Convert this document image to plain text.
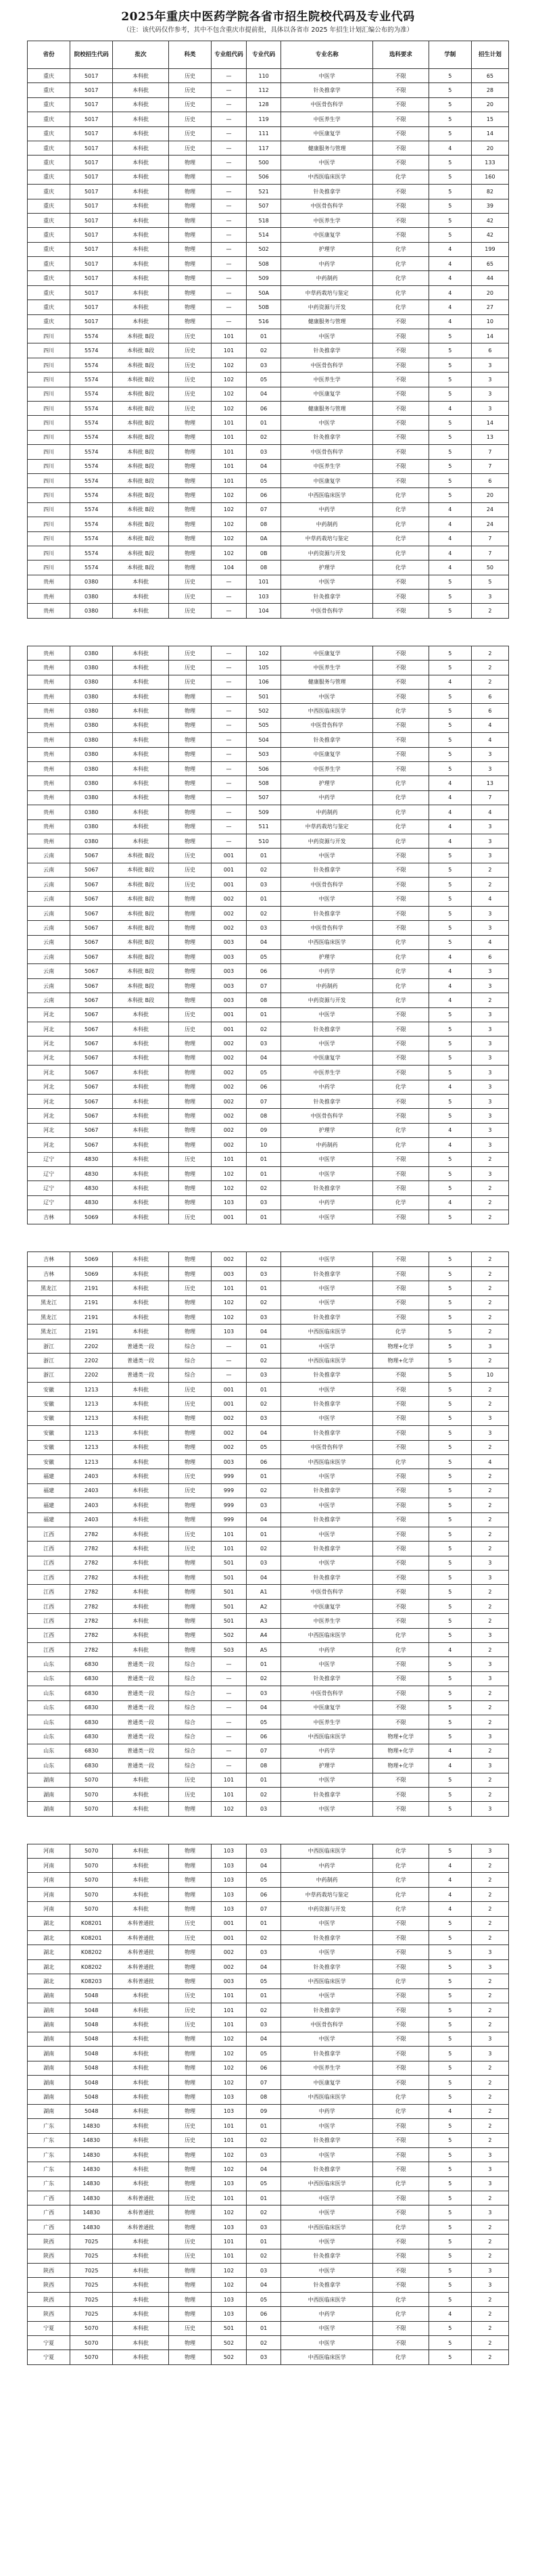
2025年重庆中医药学院各省市招生院校代码及专业代码
（注：该代码仅作参考，其中不包含重庆市提前批，具体以各省市 2025 年招生计划汇编公布的为准）
省份	院校招生代码	批次	科类	专业组代码	专业代码	专业名称	选科要求	学制	招生计划
重庆	5017	本科批	历史	—	110	中医学	不限	5	65
重庆	5017	本科批	历史	—	112	针灸推拿学	不限	5	28
重庆	5017	本科批	历史	—	128	中医骨伤科学	不限	5	20
重庆	5017	本科批	历史	—	119	中医养生学	不限	5	15
重庆	5017	本科批	历史	—	111	中医康复学	不限	5	14
重庆	5017	本科批	历史	—	117	健康服务与管理	不限	4	20
重庆	5017	本科批	物理	—	500	中医学	不限	5	133
重庆	5017	本科批	物理	—	506	中西医临床医学	化学	5	160
重庆	5017	本科批	物理	—	521	针灸推拿学	不限	5	82
重庆	5017	本科批	物理	—	507	中医骨伤科学	不限	5	39
重庆	5017	本科批	物理	—	518	中医养生学	不限	5	42
重庆	5017	本科批	物理	—	514	中医康复学	不限	5	42
重庆	5017	本科批	物理	—	502	护理学	化学	4	199
重庆	5017	本科批	物理	—	508	中药学	化学	4	65
重庆	5017	本科批	物理	—	509	中药制药	化学	4	44
重庆	5017	本科批	物理	—	50A	中草药栽培与鉴定	化学	4	20
重庆	5017	本科批	物理	—	50B	中药资源与开发	化学	4	27
重庆	5017	本科批	物理	—	516	健康服务与管理	不限	4	10
四川	5574	本科批 B段	历史	101	01	中医学	不限	5	14
四川	5574	本科批 B段	历史	101	02	针灸推拿学	不限	5	6
四川	5574	本科批 B段	历史	102	03	中医骨伤科学	不限	5	3
四川	5574	本科批 B段	历史	102	05	中医养生学	不限	5	3
四川	5574	本科批 B段	历史	102	04	中医康复学	不限	5	3
四川	5574	本科批 B段	历史	102	06	健康服务与管理	不限	4	3
四川	5574	本科批 B段	物理	101	01	中医学	不限	5	14
四川	5574	本科批 B段	物理	101	02	针灸推拿学	不限	5	13
四川	5574	本科批 B段	物理	101	03	中医骨伤科学	不限	5	7
四川	5574	本科批 B段	物理	101	04	中医养生学	不限	5	7
四川	5574	本科批 B段	物理	101	05	中医康复学	不限	5	6
四川	5574	本科批 B段	物理	102	06	中西医临床医学	化学	5	20
四川	5574	本科批 B段	物理	102	07	中药学	化学	4	24
四川	5574	本科批 B段	物理	102	08	中药制药	化学	4	24
四川	5574	本科批 B段	物理	102	0A	中草药栽培与鉴定	化学	4	7
四川	5574	本科批 B段	物理	102	0B	中药资源与开发	化学	4	7
四川	5574	本科批 B段	物理	104	08	护理学	化学	4	50
贵州	0380	本科批	历史	—	101	中医学	不限	5	5
贵州	0380	本科批	历史	—	103	针灸推拿学	不限	5	3
贵州	0380	本科批	历史	—	104	中医骨伤科学	不限	5	2
贵州	0380	本科批	历史	—	102	中医康复学	不限	5	2
贵州	0380	本科批	历史	—	105	中医养生学	不限	5	2
贵州	0380	本科批	历史	—	106	健康服务与管理	不限	4	2
贵州	0380	本科批	物理	—	501	中医学	不限	5	6
贵州	0380	本科批	物理	—	502	中西医临床医学	化学	5	6
贵州	0380	本科批	物理	—	505	中医骨伤科学	不限	5	4
贵州	0380	本科批	物理	—	504	针灸推拿学	不限	5	4
贵州	0380	本科批	物理	—	503	中医康复学	不限	5	3
贵州	0380	本科批	物理	—	506	中医养生学	不限	5	3
贵州	0380	本科批	物理	—	508	护理学	化学	4	13
贵州	0380	本科批	物理	—	507	中药学	化学	4	7
贵州	0380	本科批	物理	—	509	中药制药	化学	4	4
贵州	0380	本科批	物理	—	511	中草药栽培与鉴定	化学	4	3
贵州	0380	本科批	物理	—	510	中药资源与开发	化学	4	3
云南	5067	本科批 B段	历史	001	01	中医学	不限	5	3
云南	5067	本科批 B段	历史	001	02	针灸推拿学	不限	5	2
云南	5067	本科批 B段	历史	001	03	中医骨伤科学	不限	5	2
云南	5067	本科批 B段	物理	002	01	中医学	不限	5	4
云南	5067	本科批 B段	物理	002	02	针灸推拿学	不限	5	3
云南	5067	本科批 B段	物理	002	03	中医骨伤科学	不限	5	3
云南	5067	本科批 B段	物理	003	04	中西医临床医学	化学	5	4
云南	5067	本科批 B段	物理	003	05	护理学	化学	4	6
云南	5067	本科批 B段	物理	003	06	中药学	化学	4	3
云南	5067	本科批 B段	物理	003	07	中药制药	化学	4	3
云南	5067	本科批 B段	物理	003	08	中药资源与开发	化学	4	2
河北	5067	本科批	历史	001	01	中医学	不限	5	3
河北	5067	本科批	历史	001	02	针灸推拿学	不限	5	3
河北	5067	本科批	物理	002	03	中医学	不限	5	3
河北	5067	本科批	物理	002	04	中医康复学	不限	5	3
河北	5067	本科批	物理	002	05	中医养生学	不限	5	3
河北	5067	本科批	物理	002	06	中药学	化学	4	3
河北	5067	本科批	物理	002	07	针灸推拿学	不限	5	3
河北	5067	本科批	物理	002	08	中医骨伤科学	不限	5	3
河北	5067	本科批	物理	002	09	护理学	化学	4	3
河北	5067	本科批	物理	002	10	中药制药	化学	4	3
辽宁	4830	本科批	历史	101	01	中医学	不限	5	2
辽宁	4830	本科批	物理	102	01	中医学	不限	5	3
辽宁	4830	本科批	物理	102	02	针灸推拿学	不限	5	2
辽宁	4830	本科批	物理	103	03	中药学	化学	4	2
吉林	5069	本科批	历史	001	01	中医学	不限	5	2
吉林	5069	本科批	物理	002	02	中医学	不限	5	2
吉林	5069	本科批	物理	003	03	针灸推拿学	不限	5	2
黑龙江	2191	本科批	历史	101	01	中医学	不限	5	2
黑龙江	2191	本科批	物理	102	02	中医学	不限	5	2
黑龙江	2191	本科批	物理	102	03	针灸推拿学	不限	5	2
黑龙江	2191	本科批	物理	103	04	中西医临床医学	化学	5	2
浙江	2202	普通类一段	综合	—	01	中医学	物理+化学	5	3
浙江	2202	普通类一段	综合	—	02	中西医临床医学	物理+化学	5	2
浙江	2202	普通类一段	综合	—	03	针灸推拿学	不限	5	10
安徽	1213	本科批	历史	001	01	中医学	不限	5	2
安徽	1213	本科批	历史	001	02	针灸推拿学	不限	5	2
安徽	1213	本科批	物理	002	03	中医学	不限	5	3
安徽	1213	本科批	物理	002	04	针灸推拿学	不限	5	3
安徽	1213	本科批	物理	002	05	中医骨伤科学	不限	5	2
安徽	1213	本科批	物理	003	06	中西医临床医学	化学	5	4
福建	2403	本科批	历史	999	01	中医学	不限	5	2
福建	2403	本科批	历史	999	02	针灸推拿学	不限	5	2
福建	2403	本科批	物理	999	03	中医学	不限	5	2
福建	2403	本科批	物理	999	04	针灸推拿学	不限	5	2
江西	2782	本科批	历史	101	01	中医学	不限	5	2
江西	2782	本科批	历史	101	02	针灸推拿学	不限	5	2
江西	2782	本科批	物理	501	03	中医学	不限	5	3
江西	2782	本科批	物理	501	04	针灸推拿学	不限	5	3
江西	2782	本科批	物理	501	A1	中医骨伤科学	不限	5	2
江西	2782	本科批	物理	501	A2	中医康复学	不限	5	2
江西	2782	本科批	物理	501	A3	中医养生学	不限	5	2
江西	2782	本科批	物理	502	A4	中西医临床医学	化学	5	3
江西	2782	本科批	物理	503	A5	中药学	化学	4	2
山东	6830	普通类一段	综合	—	01	中医学	不限	5	3
山东	6830	普通类一段	综合	—	02	针灸推拿学	不限	5	3
山东	6830	普通类一段	综合	—	03	中医骨伤科学	不限	5	2
山东	6830	普通类一段	综合	—	04	中医康复学	不限	5	2
山东	6830	普通类一段	综合	—	05	中医养生学	不限	5	2
山东	6830	普通类一段	综合	—	06	中西医临床医学	物理+化学	5	3
山东	6830	普通类一段	综合	—	07	中药学	物理+化学	4	2
山东	6830	普通类一段	综合	—	08	护理学	物理+化学	4	3
湖南	5070	本科批	历史	101	01	中医学	不限	5	2
湖南	5070	本科批	历史	101	02	针灸推拿学	不限	5	2
湖南	5070	本科批	物理	102	03	中医学	不限	5	3
河南	5070	本科批	物理	103	03	中西医临床医学	化学	5	3
河南	5070	本科批	物理	103	04	中药学	化学	4	2
河南	5070	本科批	物理	103	05	中药制药	化学	4	2
河南	5070	本科批	物理	103	06	中草药栽培与鉴定	化学	4	2
河南	5070	本科批	物理	103	07	中药资源与开发	化学	4	2
湖北	K08201	本科普通批	历史	001	01	中医学	不限	5	2
湖北	K08201	本科普通批	历史	001	02	针灸推拿学	不限	5	2
湖北	K08202	本科普通批	物理	002	03	中医学	不限	5	3
湖北	K08202	本科普通批	物理	002	04	针灸推拿学	不限	5	3
湖北	K08203	本科普通批	物理	003	05	中西医临床医学	化学	5	2
湖南	5048	本科批	历史	101	01	中医学	不限	5	2
湖南	5048	本科批	历史	101	02	针灸推拿学	不限	5	2
湖南	5048	本科批	历史	101	03	中医骨伤科学	不限	5	2
湖南	5048	本科批	物理	102	04	中医学	不限	5	3
湖南	5048	本科批	物理	102	05	针灸推拿学	不限	5	3
湖南	5048	本科批	物理	102	06	中医养生学	不限	5	2
湖南	5048	本科批	物理	102	07	中医康复学	不限	5	2
湖南	5048	本科批	物理	103	08	中西医临床医学	化学	5	2
湖南	5048	本科批	物理	103	09	中药学	化学	4	2
广东	14830	本科批	历史	101	01	中医学	不限	5	2
广东	14830	本科批	历史	101	02	针灸推拿学	不限	5	2
广东	14830	本科批	物理	102	03	中医学	不限	5	3
广东	14830	本科批	物理	102	04	针灸推拿学	不限	5	3
广东	14830	本科批	物理	103	05	中西医临床医学	化学	5	3
广西	14830	本科普通批	历史	101	01	中医学	不限	5	2
广西	14830	本科普通批	物理	102	02	中医学	不限	5	3
广西	14830	本科普通批	物理	103	03	中西医临床医学	化学	5	2
陕西	7025	本科批	历史	101	01	中医学	不限	5	2
陕西	7025	本科批	历史	101	02	针灸推拿学	不限	5	2
陕西	7025	本科批	物理	102	03	中医学	不限	5	3
陕西	7025	本科批	物理	102	04	针灸推拿学	不限	5	3
陕西	7025	本科批	物理	103	05	中西医临床医学	化学	5	2
陕西	7025	本科批	物理	103	06	中药学	化学	4	2
宁夏	5070	本科批	历史	501	01	中医学	不限	5	2
宁夏	5070	本科批	物理	502	02	中医学	不限	5	2
宁夏	5070	本科批	物理	502	03	中西医临床医学	化学	5	2
